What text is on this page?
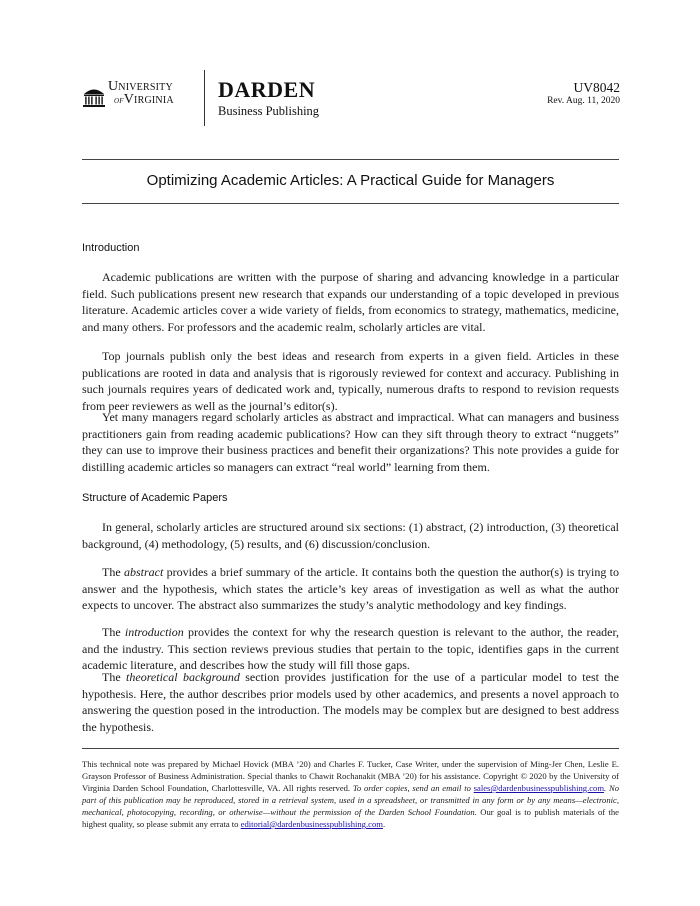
University
ofVirginia DARDEN
Business Publishing
UV8042
Rev. Aug. 11, 2020
Optimizing Academic Articles: A Practical Guide for Managers
Introduction

Academic publications are written with the purpose of sharing and advancing knowledge in a particular field. Such publications present new research that expands our understanding of a topic developed in previous literature. Academic articles cover a wide variety of fields, from economics to strategy, mathematics, medicine, and many others. For professors and the academic realm, scholarly articles are vital.

Top journals publish only the best ideas and research from experts in a given field. Articles in these publications are rooted in data and analysis that is rigorously reviewed for context and accuracy. Publishing in such journals requires years of dedicated work and, typically, numerous drafts to respond to revision requests from peer reviewers as well as the journal’s editor(s).

Yet many managers regard scholarly articles as abstract and impractical. What can managers and business practitioners gain from reading academic publications? How can they sift through theory to extract “nuggets” they can use to improve their business practices and benefit their organizations? This note provides a guide for distilling academic articles so managers can extract “real world” learning from them.

Structure of Academic Papers

In general, scholarly articles are structured around six sections: (1) abstract, (2) introduction, (3) theoretical background, (4) methodology, (5) results, and (6) discussion/conclusion.

The abstract provides a brief summary of the article. It contains both the question the author(s) is trying to answer and the hypothesis, which states the article’s key areas of investigation as well as what the author expects to uncover. The abstract also summarizes the study’s analytic methodology and key findings.

The introduction provides the context for why the research question is relevant to the author, the reader, and the industry. This section reviews previous studies that pertain to the topic, identifies gaps in the current academic literature, and describes how the study will fill those gaps.

The theoretical background section provides justification for the use of a particular model to test the hypothesis. Here, the author describes prior models used by other academics, and presents a novel approach to answering the question posed in the introduction. The models may be complex but are designed to best address the hypothesis.

This technical note was prepared by Michael Hovick (MBA ’20) and Charles F. Tucker, Case Writer, under the supervision of Ming-Jer Chen, Leslie E. Grayson Professor of Business Administration. Special thanks to Chawit Rochanakit (MBA ’20) for his assistance. Copyright © 2020 by the University of Virginia Darden School Foundation, Charlottesville, VA. All rights reserved. To order copies, send an email to sales@dardenbusinesspublishing.com. No part of this publication may be reproduced, stored in a retrieval system, used in a spreadsheet, or transmitted in any form or by any means—electronic, mechanical, photocopying, recording, or otherwise—without the permission of the Darden School Foundation. Our goal is to publish materials of the highest quality, so please submit any errata to editorial@dardenbusinesspublishing.com.
